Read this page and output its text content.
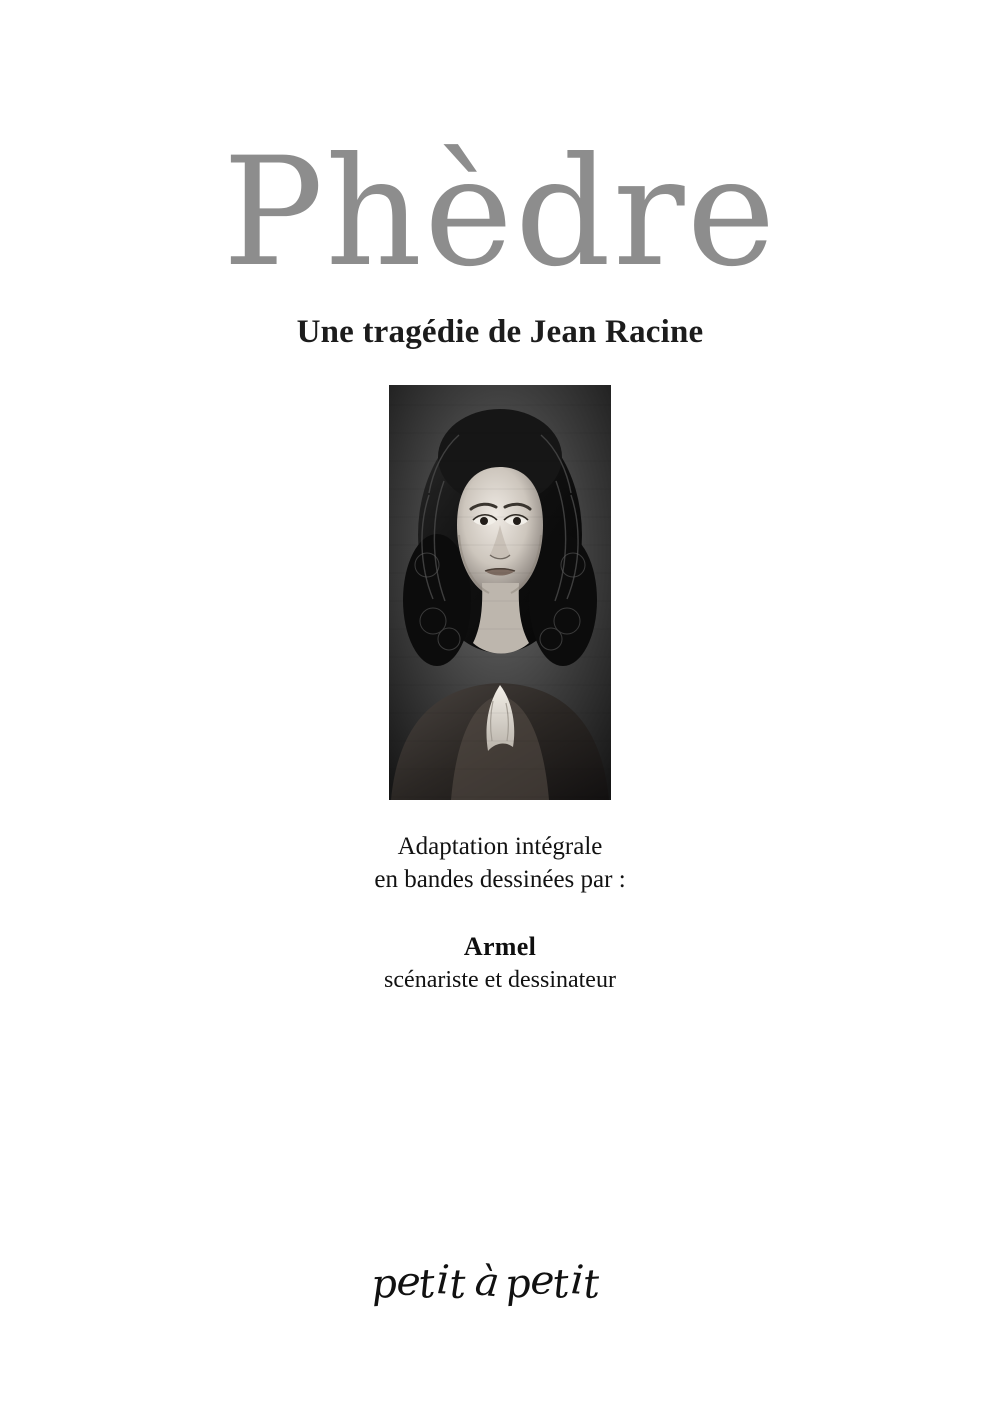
Phèdre
Une tragédie de Jean Racine
Adaptation intégrale
en bandes dessinées par :
Armel
scénariste et dessinateur
p
e
t
i
t à p
e
t
i
t
